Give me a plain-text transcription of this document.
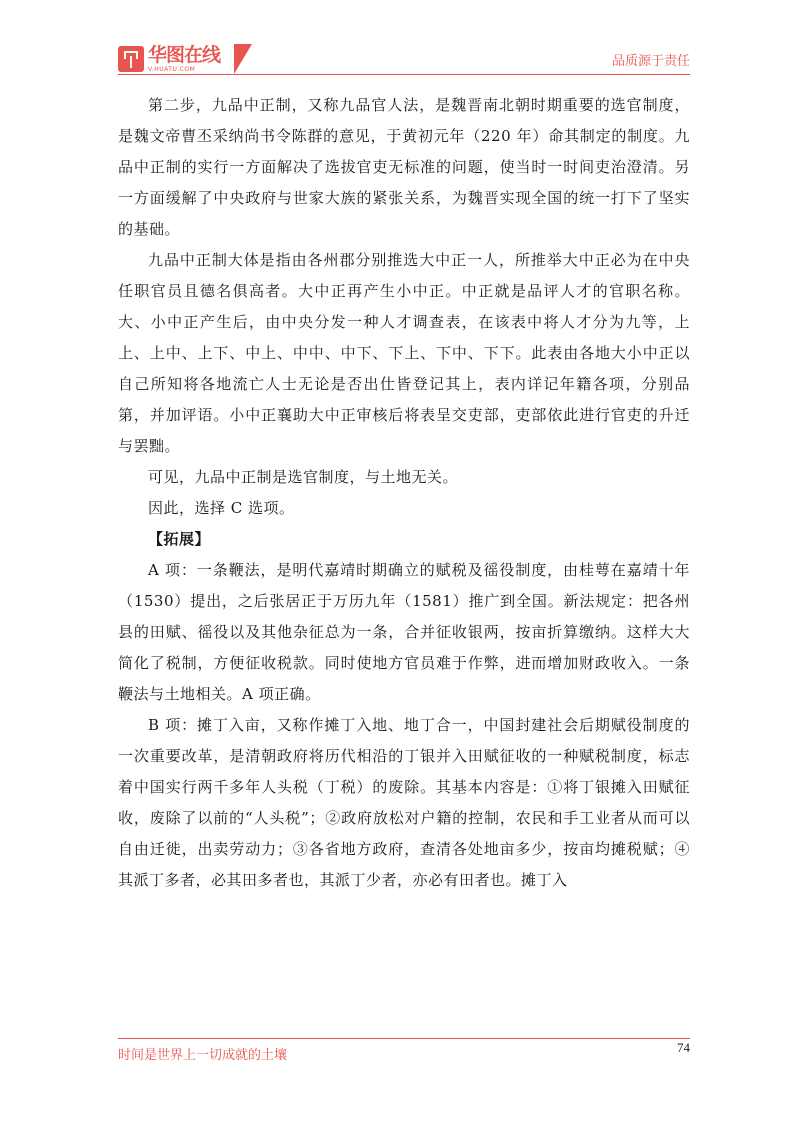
华图在线
V.HUATU.COM	品质源于责任

第二步，九品中正制，又称九品官人法，是魏晋南北朝时期重要的选官制度，是魏文帝曹丕采纳尚书令陈群的意见，于黄初元年（220 年）命其制定的制度。九品中正制的实行一方面解决了选拔官吏无标准的问题，使当时一时间吏治澄清。另一方面缓解了中央政府与世家大族的紧张关系，为魏晋实现全国的统一打下了坚实的基础。

九品中正制大体是指由各州郡分别推选大中正一人，所推举大中正必为在中央任职官员且德名俱高者。大中正再产生小中正。中正就是品评人才的官职名称。大、小中正产生后，由中央分发一种人才调查表，在该表中将人才分为九等，上上、上中、上下、中上、中中、中下、下上、下中、下下。此表由各地大小中正以自己所知将各地流亡人士无论是否出仕皆登记其上，表内详记年籍各项，分别品第，并加评语。小中正襄助大中正审核后将表呈交吏部，吏部依此进行官吏的升迁与罢黜。

可见，九品中正制是选官制度，与土地无关。

因此，选择 C 选项。

【拓展】

A 项：一条鞭法，是明代嘉靖时期确立的赋税及徭役制度，由桂萼在嘉靖十年（1530）提出，之后张居正于万历九年（1581）推广到全国。新法规定：把各州县的田赋、徭役以及其他杂征总为一条，合并征收银两，按亩折算缴纳。这样大大简化了税制，方便征收税款。同时使地方官员难于作弊，进而增加财政收入。一条鞭法与土地相关。A 项正确。

B 项：摊丁入亩，又称作摊丁入地、地丁合一，中国封建社会后期赋役制度的一次重要改革，是清朝政府将历代相沿的丁银并入田赋征收的一种赋税制度，标志着中国实行两千多年人头税（丁税）的废除。其基本内容是：①将丁银摊入田赋征收，废除了以前的“人头税”；②政府放松对户籍的控制，农民和手工业者从而可以自由迁徙，出卖劳动力；③各省地方政府，查清各处地亩多少，按亩均摊税赋；④其派丁多者，必其田多者也，其派丁少者，亦必有田者也。摊丁入

时间是世界上一切成就的土壤
74
